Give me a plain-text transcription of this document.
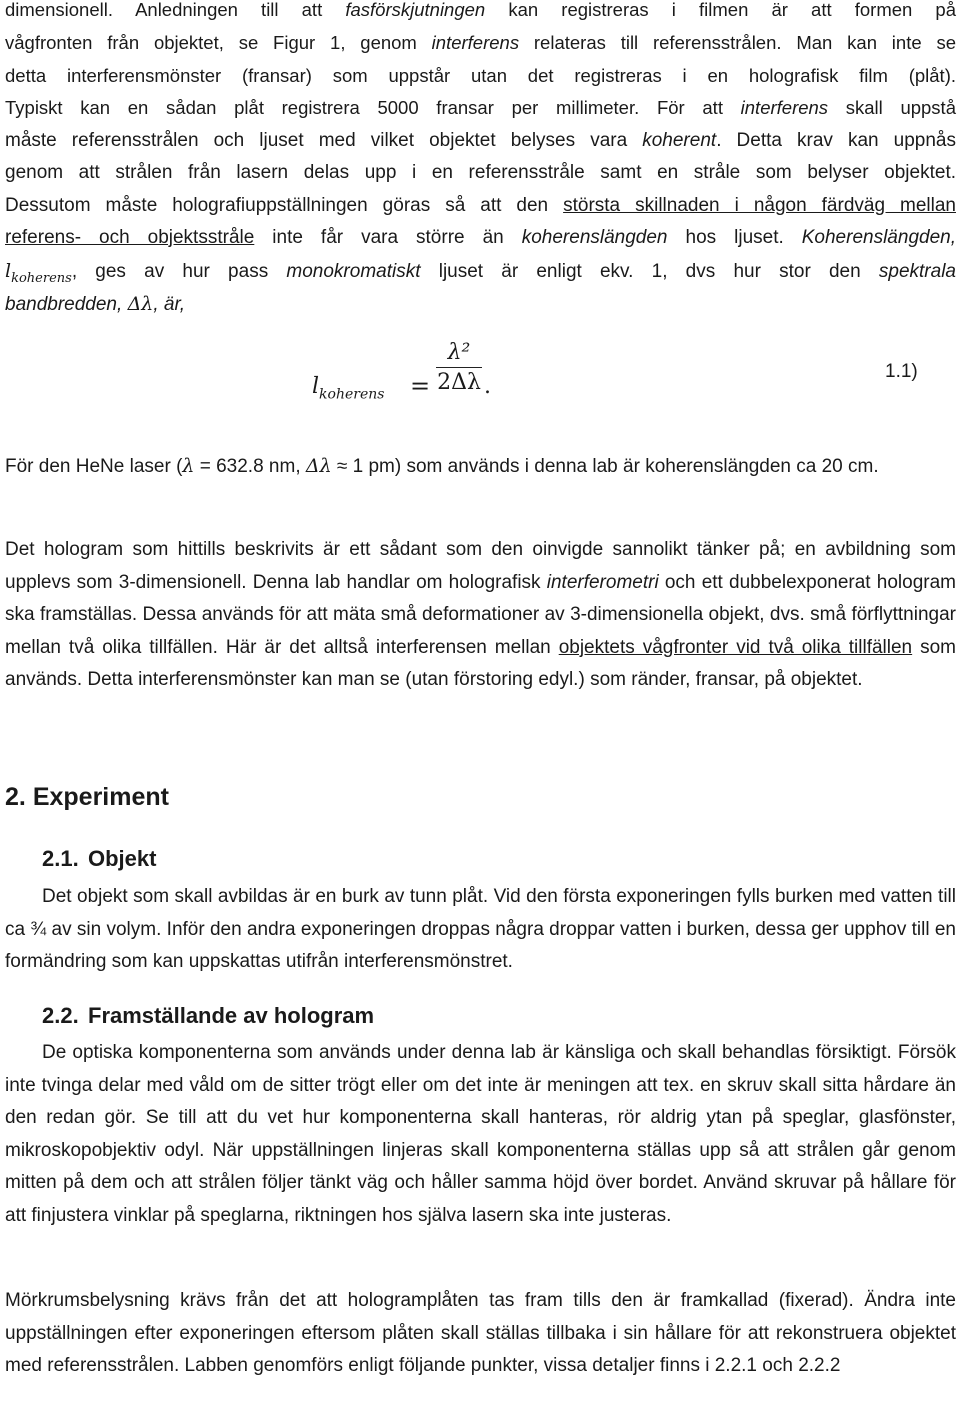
dimensionell. Anledningen till att fasförskjutningen kan registreras i filmen är att formen på

vågfronten från objektet, se Figur 1, genom interferens relateras till referensstrålen. Man kan inte se

detta interferensmönster (fransar) som uppstår utan det registreras i en holografisk film (plåt).

Typiskt kan en sådan plåt registrera 5000 fransar per millimeter. För att interferens skall uppstå

måste referensstrålen och ljuset med vilket objektet belyses vara koherent. Detta krav kan uppnås

genom att strålen från lasern delas upp i en referensstråle samt en stråle som belyser objektet.

Dessutom måste holografiuppställningen göras så att den största skillnaden i någon färdväg mellan

referens- och objektsstråle inte får vara större än koherenslängden hos ljuset. Koherenslängden,

$l_{koherens}$, ges av hur pass monokromatiskt ljuset är enligt ekv. 1, dvs hur stor den spektrala

bandbredden, Δλ, är,

$l_{koherens}$ =
λ²
2Δλ .
1.1)

För den HeNe laser (λ = 632.8 nm, Δλ ≈ 1 pm) som används i denna lab är koherenslängden ca 20 cm.

Det hologram som hittills beskrivits är ett sådant som den oinvigde sannolikt tänker på; en avbildning som upplevs som 3-dimensionell. Denna lab handlar om holografisk interferometri och ett dubbelexponerat hologram ska framställas. Dessa används för att mäta små deformationer av 3-dimensionella objekt, dvs. små förflyttningar mellan två olika tillfällen. Här är det alltså interferensen mellan objektets vågfronter vid två olika tillfällen som används. Detta interferensmönster kan man se (utan förstoring edyl.) som ränder, fransar, på objektet.

2. Experiment
2.1. Objekt

Det objekt som skall avbildas är en burk av tunn plåt. Vid den första exponeringen fylls burken med vatten till ca ¾ av sin volym. Inför den andra exponeringen droppas några droppar vatten i burken, dessa ger upphov till en formändring som kan uppskattas utifrån interferensmönstret.

2.2. Framställande av hologram

De optiska komponenterna som används under denna lab är känsliga och skall behandlas försiktigt. Försök inte tvinga delar med våld om de sitter trögt eller om det inte är meningen att tex. en skruv skall sitta hårdare än den redan gör. Se till att du vet hur komponenterna skall hanteras, rör aldrig ytan på speglar, glasfönster, mikroskopobjektiv odyl. När uppställningen linjeras skall komponenterna ställas upp så att strålen går genom mitten på dem och att strålen följer tänkt väg och håller samma höjd över bordet. Använd skruvar på hållare för att finjustera vinklar på speglarna, riktningen hos själva lasern ska inte justeras.

Mörkrumsbelysning krävs från det att hologramplåten tas fram tills den är framkallad (fixerad). Ändra inte uppställningen efter exponeringen eftersom plåten skall ställas tillbaka i sin hållare för att rekonstruera objektet med referensstrålen. Labben genomförs enligt följande punkter, vissa detaljer finns i 2.2.1 och 2.2.2
